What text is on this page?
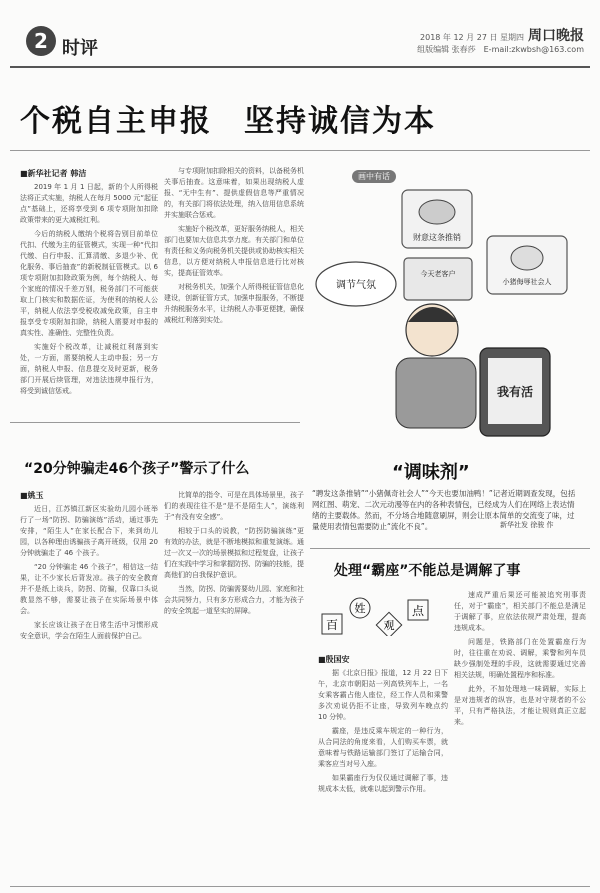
2 时评
2018 年 12 月 27 日 星期四 周口晚报
组版编辑 张春莎　 E-mail:zkwbsh@163.com
个税自主申报　坚持诚信为本
■新华社记者 韩洁

2019 年 1 月 1 日起，新的个人所得税法将正式实施，纳税人在每月 5000 元“起征点”基础上，还将享受到 6 项专项附加扣除政策带来的更大减税红利。

今后的纳税人缴纳个税将告别目前单位代扣、代缴为主的征管模式，实现一种“代扣代缴、自行申报、汇算清缴、多退少补、优化服务、事后抽查”的新税制征管模式。以 6 项专项附加扣除政策为例，每个纳税人、每个家庭的情况千差万别，税务部门不可能获取上门核实和数据佐证，为使利的纳税人公平，纳税人依法享受税收减免政策，自主申报享受专项附加扣除，纳税人需要对申报的真实性、准确性、完整性负责。

实施好个税改革，让减税红利落到实处，一方面，需要纳税人主动申报；另一方面，纳税人申报、信息提交及时更新，税务部门开展后续管理，对违法违规申报行为，将受到诚信惩戒。

与专项附加扣除相关的资料，以备税务机关事后抽查。这意味着，如果出现纳税人虚报、“无中生有”、提供虚假信息等严重情况的，有关部门将依法处理，纳入信用信息系统并实施联合惩戒。

实施好个税改革，更好服务纳税人，相关部门也要加大信息共享力度。有关部门和单位有责任和义务向税务机关提供或协助核实相关信息，以方便对纳税人申报信息进行比对核实，提高征管效率。

对税务机关，加强个人所得税征管信息化建设，创新征管方式，加强申报服务，不断提升纳税服务水平，让纳税人办事更便捷，确保减税红利落到实处。

画中有话
财意这条推销
今天老客户
小猪侮辱社会人
调节气氛
我有活
“调味剂”
“聘发这条推销”“小猪佩奇社会人”“今天也要加油鸭！”记者近期调查发现，包括网红图、萌宠、二次元动漫等在内的各种表情包，已经成为人们在网络上表达情绪的主要载体。然而，不分场合地随意刷屏，则会让原本简单的交流变了味，过量使用表情包需要防止“流化不良”。	新华社发 徐骏 作
“20分钟骗走46个孩子”警示了什么
■姚玉

近日，江苏镇江新区实验幼儿园小班举行了一场“防拐、防骗演练”活动，通过事先安排，“陌生人”在家长配合下，来到幼儿园，以各种理由诱骗孩子离开班级，仅用 20 分钟就骗走了 46 个孩子。

“20 分钟骗走 46 个孩子”，相信这一结果，让不少家长后背发凉。孩子的安全教育并不是纸上谈兵，防拐、防骗，仅靠口头说教显然不够，需要让孩子在实际场景中体会。

家长应该让孩子在日常生活中习惯形成安全意识，学会在陌生人面前保护自己。

比简单的指令、可是在具体场景里，孩子们的表现往往不是“是不是陌生人”，演练利于“有没有安全感”。

相较于口头的说教，“防拐防骗演练”更有效的办法，就是不断地模拟和重复演练。通过一次又一次的场景模拟和过程复盘，让孩子们在实践中学习和掌握防拐、防骗的技能，提高他们的自我保护意识。

当然，防拐、防骗需要幼儿园、家庭和社会共同努力，只有多方形成合力，才能为孩子的安全筑起一道坚实的屏障。

处理“霸座”不能总是调解了事
百
姓
观
点
■殷国安

据《北京日报》报道，12 月 22 日下午，北京市朝阳站一列高铁列车上，一名女乘客霸占他人座位，经工作人员和乘警多次劝说仍拒不让座，导致列车晚点约 10 分钟。

霸座，是违反乘车规定的一种行为，从合同法的角度来看，人们购买车票，就意味着与铁路运输部门签订了运输合同，乘客应当对号入座。

如果霸座行为仅仅通过调解了事，违规成本太低，就难以起到警示作用。

速成严重后果还可能被追究刑事责任，对于“霸座”，相关部门不能总是满足于调解了事，应依法依规严肃处理，提高违规成本。

问题是，铁路部门在处置霸座行为时，往往重在劝说、调解，乘警和列车员缺少强制处理的手段，这就需要通过完善相关法规，明确处置程序和标准。

此外，不加处理地一味调解，实际上是对违规者的纵容，也是对守规者的不公平，只有严格执法，才能让规则真正立起来。
